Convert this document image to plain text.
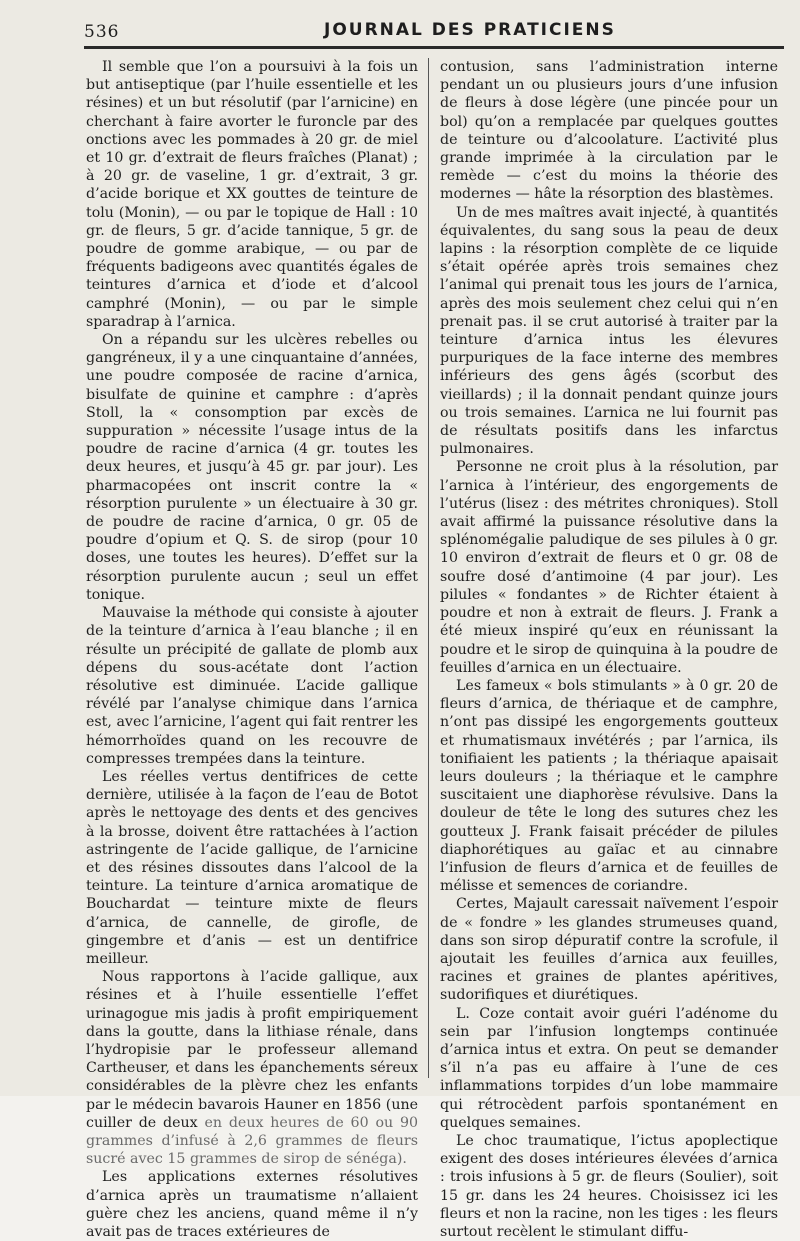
536	JOURNAL DES PRATICIENS

Il semble que l’on a poursuivi à la fois un but antiseptique (par l’huile essentielle et les résines) et un but résolutif (par l’arnicine) en cherchant à faire avorter le furoncle par des onctions avec les pommades à 20 gr. de miel et 10 gr. d’extrait de fleurs fraîches (Planat) ; à 20 gr. de vaseline, 1 gr. d’extrait, 3 gr. d’acide borique et XX gouttes de teinture de tolu (Monin), — ou par le topique de Hall : 10 gr. de fleurs, 5 gr. d’acide tannique, 5 gr. de poudre de gomme arabique, — ou par de fréquents badigeons avec quantités égales de teintures d’arnica et d’iode et d’alcool camphré (Monin), — ou par le simple sparadrap à l’arnica.

On a répandu sur les ulcères rebelles ou gangréneux, il y a une cinquantaine d’années, une poudre composée de racine d’arnica, bisulfate de quinine et camphre : d’après Stoll, la « consomption par excès de suppuration » nécessite l’usage intus de la poudre de racine d’arnica (4 gr. toutes les deux heures, et jusqu’à 45 gr. par jour). Les pharmacopées ont inscrit contre la « résorption purulente » un électuaire à 30 gr. de poudre de racine d’arnica, 0 gr. 05 de poudre d’opium et Q. S. de sirop (pour 10 doses, une toutes les heures). D’effet sur la résorption purulente aucun ; seul un effet tonique.

Mauvaise la méthode qui consiste à ajouter de la teinture d’arnica à l’eau blanche ; il en résulte un précipité de gallate de plomb aux dépens du sous-acétate dont l’action résolutive est diminuée. L’acide gallique révélé par l’analyse chimique dans l’arnica est, avec l’arnicine, l’agent qui fait rentrer les hémorrhoïdes quand on les recouvre de compresses trempées dans la teinture.

Les réelles vertus dentifrices de cette dernière, utilisée à la façon de l’eau de Botot après le nettoyage des dents et des gencives à la brosse, doivent être rattachées à l’action astringente de l’acide gallique, de l’arnicine et des résines dissoutes dans l’alcool de la teinture. La teinture d’arnica aromatique de Bouchardat — teinture mixte de fleurs d’arnica, de cannelle, de girofle, de gingembre et d’anis — est un dentifrice meilleur.

Nous rapportons à l’acide gallique, aux résines et à l’huile essentielle l’effet urinagogue mis jadis à profit empiriquement dans la goutte, dans la lithiase rénale, dans l’hydropisie par le professeur allemand Cartheuser, et dans les épanchements séreux considérables de la plèvre chez les enfants par le médecin bavarois Hauner en 1856 (une cuiller de deux en deux heures de 60 ou 90 grammes d’infusé à 2,6 grammes de fleurs sucré avec 15 grammes de sirop de sénéga).

Les applications externes résolutives d’arnica après un traumatisme n’allaient guère chez les anciens, quand même il n’y avait pas de traces extérieures de

contusion, sans l’administration interne pendant un ou plusieurs jours d’une infusion de fleurs à dose légère (une pincée pour un bol) qu’on a remplacée par quelques gouttes de teinture ou d’alcoolature. L’activité plus grande imprimée à la circulation par le remède — c’est du moins la théorie des modernes — hâte la résorption des blastèmes.

Un de mes maîtres avait injecté, à quantités équivalentes, du sang sous la peau de deux lapins : la résorption complète de ce liquide s’était opérée après trois semaines chez l’animal qui prenait tous les jours de l’arnica, après des mois seulement chez celui qui n’en prenait pas. il se crut autorisé à traiter par la teinture d’arnica intus les élevures purpuriques de la face interne des membres inférieurs des gens âgés (scorbut des vieillards) ; il la donnait pendant quinze jours ou trois semaines. L’arnica ne lui fournit pas de résultats positifs dans les infarctus pulmonaires.

Personne ne croit plus à la résolution, par l’arnica à l’intérieur, des engorgements de l’utérus (lisez : des métrites chroniques). Stoll avait affirmé la puissance résolutive dans la splénomégalie paludique de ses pilules à 0 gr. 10 environ d’extrait de fleurs et 0 gr. 08 de soufre dosé d’antimoine (4 par jour). Les pilules « fondantes » de Richter étaient à poudre et non à extrait de fleurs. J. Frank a été mieux inspiré qu’eux en réunissant la poudre et le sirop de quinquina à la poudre de feuilles d’arnica en un électuaire.

Les fameux « bols stimulants » à 0 gr. 20 de fleurs d’arnica, de thériaque et de camphre, n’ont pas dissipé les engorgements goutteux et rhumatismaux invétérés ; par l’arnica, ils tonifiaient les patients ; la thériaque apaisait leurs douleurs ; la thériaque et le camphre suscitaient une diaphorèse révulsive. Dans la douleur de tête le long des sutures chez les goutteux J. Frank faisait précéder de pilules diaphorétiques au gaïac et au cinnabre l’infusion de fleurs d’arnica et de feuilles de mélisse et semences de coriandre.

Certes, Majault caressait naïvement l’espoir de « fondre » les glandes strumeuses quand, dans son sirop dépuratif contre la scrofule, il ajoutait les feuilles d’arnica aux feuilles, racines et graines de plantes apéritives, sudorifiques et diurétiques.

L. Coze contait avoir guéri l’adénome du sein par l’infusion longtemps continuée d’arnica intus et extra. On peut se demander s’il n’a pas eu affaire à l’une de ces inflammations torpides d’un lobe mammaire qui rétrocèdent parfois spontanément en quelques semaines.

Le choc traumatique, l’ictus apoplectique exigent des doses intérieures élevées d’arnica : trois infusions à 5 gr. de fleurs (Soulier), soit 15 gr. dans les 24 heures. Choisissez ici les fleurs et non la racine, non les tiges : les fleurs surtout recèlent le stimulant diffu-
